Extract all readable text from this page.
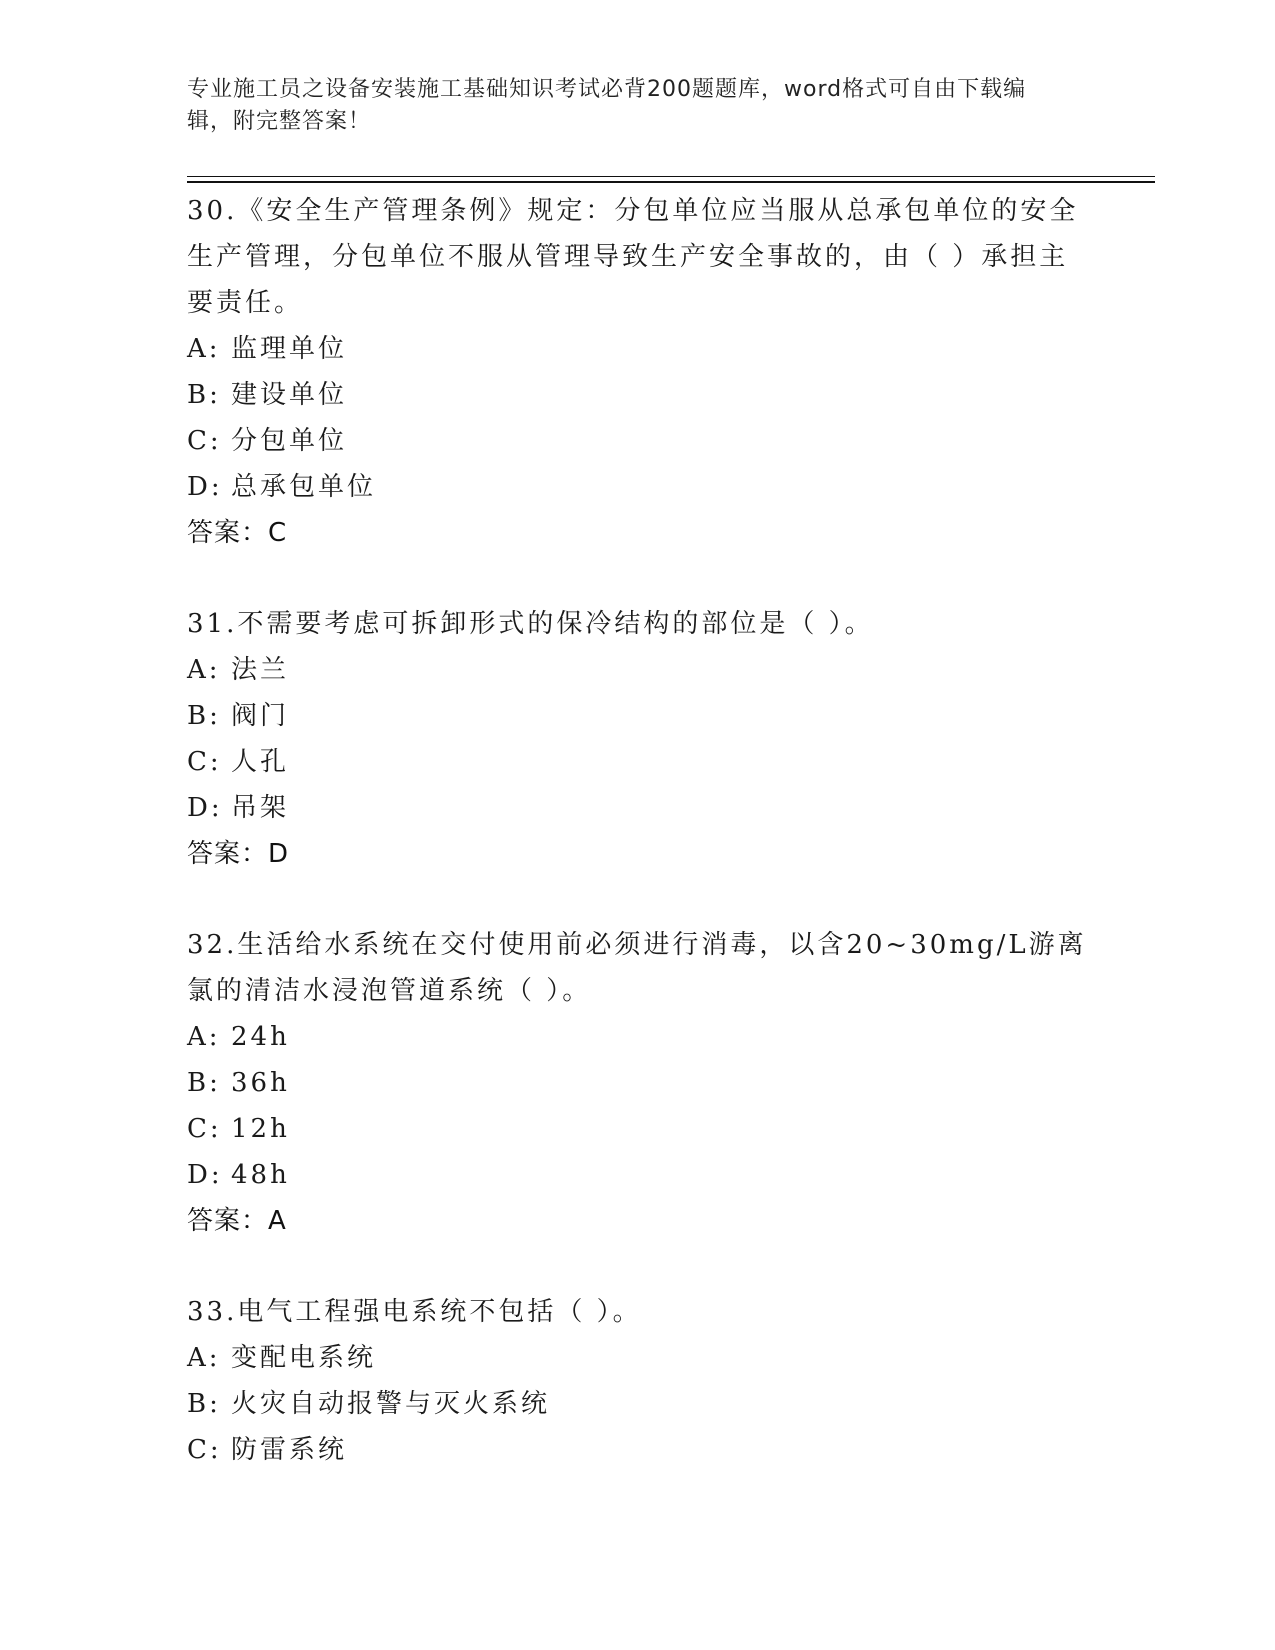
专业施工员之设备安装施工基础知识考试必背200题题库，word格式可自由下载编辑，附完整答案！

30.《安全生产管理条例》规定：分包单位应当服从总承包单位的安全生产管理，分包单位不服从管理导致生产安全事故的，由（ ）承担主要责任。

A: 监理单位

B: 建设单位

C: 分包单位

D: 总承包单位

答案：C

31.不需要考虑可拆卸形式的保冷结构的部位是（ ）。

A: 法兰

B: 阀门

C: 人孔

D: 吊架

答案：D

32.生活给水系统在交付使用前必须进行消毒，以含20~30mg/L游离氯的清洁水浸泡管道系统（ ）。

A: 24h

B: 36h

C: 12h

D: 48h

答案：A

33.电气工程强电系统不包括（ ）。

A: 变配电系统

B: 火灾自动报警与灭火系统

C: 防雷系统
